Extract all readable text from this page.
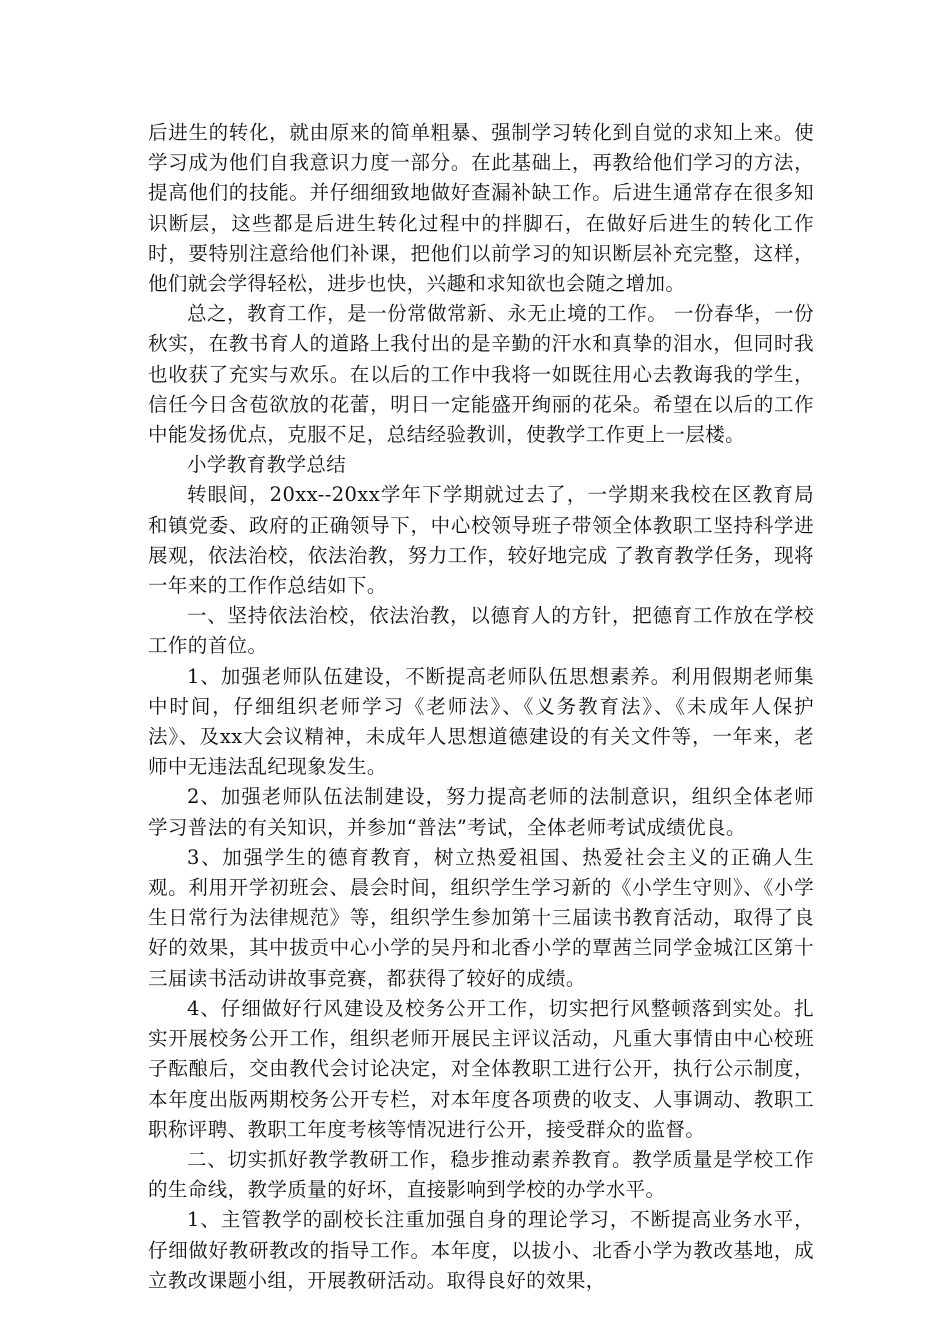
后进生的转化，就由原来的简单粗暴、强制学习转化到自觉的求知上来。使学习成为他们自我意识力度一部分。在此基础上，再教给他们学习的方法，提高他们的技能。并仔细细致地做好查漏补缺工作。后进生通常存在很多知识断层，这些都是后进生转化过程中的拌脚石，在做好后进生的转化工作时，要特别注意给他们补课，把他们以前学习的知识断层补充完整，这样，他们就会学得轻松，进步也快，兴趣和求知欲也会随之增加。

总之，教育工作，是一份常做常新、永无止境的工作。 一份春华，一份秋实，在教书育人的道路上我付出的是辛勤的汗水和真挚的泪水，但同时我也收获了充实与欢乐。在以后的工作中我将一如既往用心去教诲我的学生，信任今日含苞欲放的花蕾，明日一定能盛开绚丽的花朵。希望在以后的工作中能发扬优点，克服不足，总结经验教训，使教学工作更上一层楼。

小学教育教学总结

转眼间，20xx--20xx学年下学期就过去了，一学期来我校在区教育局和镇党委、政府的正确领导下，中心校领导班子带领全体教职工坚持科学进展观，依法治校，依法治教，努力工作，较好地完成 了教育教学任务，现将一年来的工作作总结如下。

一、坚持依法治校，依法治教，以德育人的方针，把德育工作放在学校工作的首位。

1、加强老师队伍建设，不断提高老师队伍思想素养。利用假期老师集中时间，仔细组织老师学习《老师法》、《义务教育法》、《未成年人保护法》、及xx大会议精神，未成年人思想道德建设的有关文件等，一年来，老师中无违法乱纪现象发生。

2、加强老师队伍法制建设，努力提高老师的法制意识，组织全体老师学习普法的有关知识，并参加“普法”考试，全体老师考试成绩优良。

3、加强学生的德育教育，树立热爱祖国、热爱社会主义的正确人生观。利用开学初班会、晨会时间，组织学生学习新的《小学生守则》、《小学生日常行为法律规范》等，组织学生参加第十三届读书教育活动，取得了良好的效果，其中拔贡中心小学的吴丹和北香小学的覃茜兰同学金城江区第十三届读书活动讲故事竞赛，都获得了较好的成绩。

4、仔细做好行风建设及校务公开工作，切实把行风整顿落到实处。扎实开展校务公开工作，组织老师开展民主评议活动，凡重大事情由中心校班子酝酿后，交由教代会讨论决定，对全体教职工进行公开，执行公示制度，本年度出版两期校务公开专栏，对本年度各项费的收支、人事调动、教职工职称评聘、教职工年度考核等情况进行公开，接受群众的监督。

二、切实抓好教学教研工作，稳步推动素养教育。教学质量是学校工作的生命线，教学质量的好坏，直接影响到学校的办学水平。

1、主管教学的副校长注重加强自身的理论学习，不断提高业务水平，仔细做好教研教改的指导工作。本年度，以拔小、北香小学为教改基地，成立教改课题小组，开展教研活动。取得良好的效果，
